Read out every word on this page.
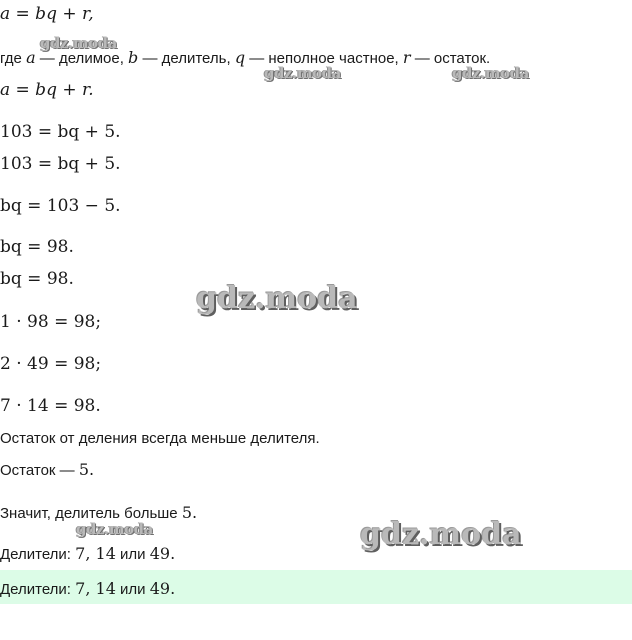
a = bq + r,
где a — делимое, b — делитель, q — неполное частное, r — остаток.
a = bq + r.
103 = bq + 5.
103 = bq + 5.
bq = 103 − 5.
bq = 98.
bq = 98.
1 · 98 = 98;
2 · 49 = 98;
7 · 14 = 98.
Остаток от деления всегда меньше делителя.
Остаток — 5.
Значит, делитель больше 5.
Делители: 7, 14 или 49.
Делители: 7, 14 или 49.
gdz.moda
gdz.moda	gdz.moda
gdz.moda
gdz.moda	gdz.moda
